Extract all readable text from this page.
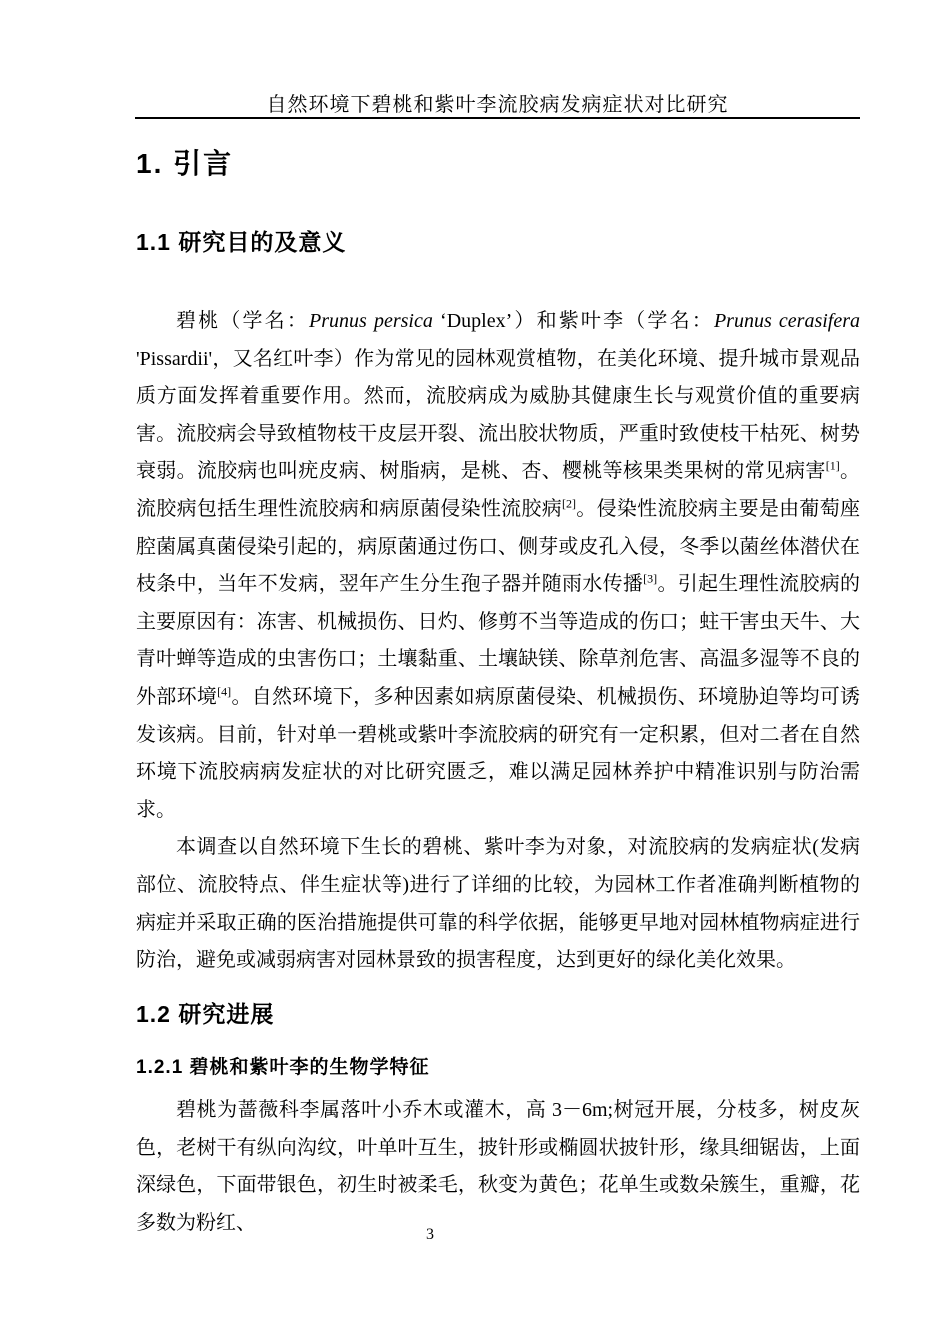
自然环境下碧桃和紫叶李流胶病发病症状对比研究
1. 引言
1.1 研究目的及意义

碧桃（学名：Prunus persica ‘Duplex’）和紫叶李（学名：Prunus cerasifera 'Pissardii'，又名红叶李）作为常见的园林观赏植物，在美化环境、提升城市景观品质方面发挥着重要作用。然而，流胶病成为威胁其健康生长与观赏价值的重要病害。流胶病会导致植物枝干皮层开裂、流出胶状物质，严重时致使枝干枯死、树势衰弱。流胶病也叫疣皮病、树脂病，是桃、杏、樱桃等核果类果树的常见病害[1]。流胶病包括生理性流胶病和病原菌侵染性流胶病[2]。侵染性流胶病主要是由葡萄座腔菌属真菌侵染引起的，病原菌通过伤口、侧芽或皮孔入侵，冬季以菌丝体潜伏在枝条中，当年不发病，翌年产生分生孢子器并随雨水传播[3]。引起生理性流胶病的主要原因有：冻害、机械损伤、日灼、修剪不当等造成的伤口；蛀干害虫天牛、大青叶蝉等造成的虫害伤口；土壤黏重、土壤缺镁、除草剂危害、高温多湿等不良的外部环境[4]。自然环境下，多种因素如病原菌侵染、机械损伤、环境胁迫等均可诱发该病。目前，针对单一碧桃或紫叶李流胶病的研究有一定积累，但对二者在自然环境下流胶病病发症状的对比研究匮乏，难以满足园林养护中精准识别与防治需求。

本调查以自然环境下生长的碧桃、紫叶李为对象，对流胶病的发病症状(发病部位、流胶特点、伴生症状等)进行了详细的比较，为园林工作者准确判断植物的病症并采取正确的医治措施提供可靠的科学依据，能够更早地对园林植物病症进行防治，避免或减弱病害对园林景致的损害程度，达到更好的绿化美化效果。

1.2 研究进展
1.2.1 碧桃和紫叶李的生物学特征

碧桃为蔷薇科李属落叶小乔木或灌木，高 3－6m;树冠开展，分枝多，树皮灰色，老树干有纵向沟纹，叶单叶互生，披针形或椭圆状披针形，缘具细锯齿，上面深绿色，下面带银色，初生时被柔毛，秋变为黄色；花单生或数朵簇生，重瓣，花多数为粉红、

3
